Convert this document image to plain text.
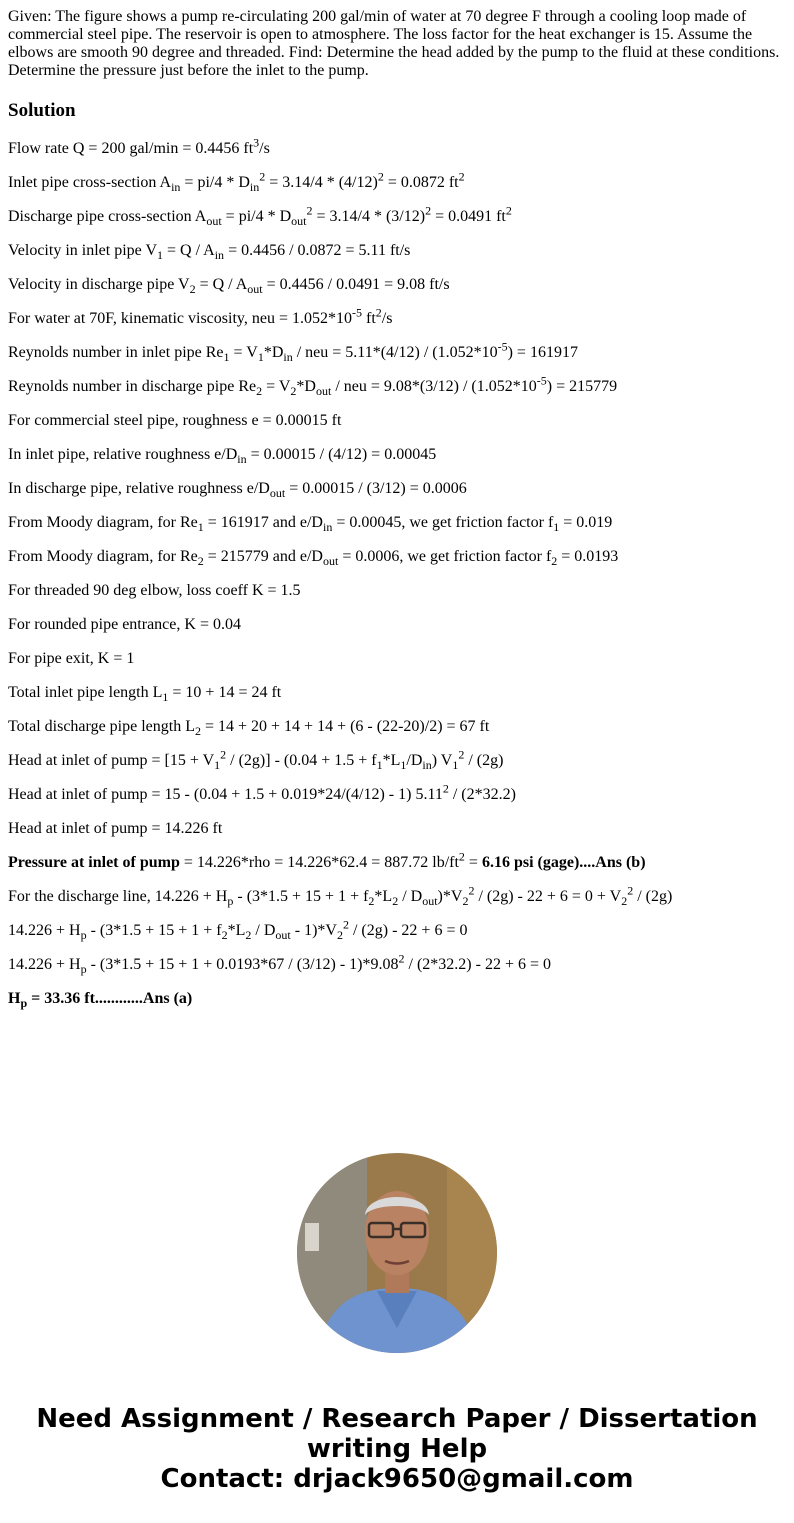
Given: The figure shows a pump re-circulating 200 gal/min of water at 70 degree F through a cooling loop made of commercial steel pipe. The reservoir is open to atmosphere. The loss factor for the heat exchanger is 15. Assume the elbows are smooth 90 degree and threaded. Find: Determine the head added by the pump to the fluid at these conditions. Determine the pressure just before the inlet to the pump.

Solution
Flow rate Q = 200 gal/min = 0.4456 $ft^3/s$
Inlet pipe cross-section $A_{in} = pi/4 * D_{in}^2 = 3.14/4 * (4/12)^2 = 0.0872$ $ft^2$
Discharge pipe cross-section $A_{out} = pi/4 * D_{out}^2 = 3.14/4 * (3/12)^2 = 0.0491$ $ft^2$
Velocity in inlet pipe $V_1 = Q / A_{in} = 0.4456 / 0.0872 = 5.11$ ft/s
Velocity in discharge pipe $V_2 = Q / A_{out} = 0.4456 / 0.0491 = 9.08$ ft/s
For water at 70F, kinematic viscosity, neu = $1.052*10^{-5}$ $ft^2/s$
Reynolds number in inlet pipe $Re_1 = V_1*D_{in}$ / neu = $5.11*(4/12) / (1.052*10^{-5}) = 161917$
Reynolds number in discharge pipe $Re_2 = V_2*D_{out}$ / neu = $9.08*(3/12) / (1.052*10^{-5}) = 215779$
For commercial steel pipe, roughness e = 0.00015 ft
In inlet pipe, relative roughness $e/D_{in} = 0.00015 / (4/12) = 0.00045$
In discharge pipe, relative roughness $e/D_{out} = 0.00015 / (3/12) = 0.0006$
From Moody diagram, for $Re_1 = 161917$ and $e/D_{in} = 0.00045$, we get friction factor $f_1 = 0.019$
From Moody diagram, for $Re_2 = 215779$ and $e/D_{out} = 0.0006$, we get friction factor $f_2 = 0.0193$
For threaded 90 deg elbow, loss coeff K = 1.5
For rounded pipe entrance, K = 0.04
For pipe exit, K = 1
Total inlet pipe length $L_1 = 10 + 14 = 24$ ft
Total discharge pipe length $L_2 = 14 + 20 + 14 + 14 + (6 - (22-20)/2) = 67$ ft
Head at inlet of pump = $[15 + V_1^2 / (2g)] - (0.04 + 1.5 + f_1*L_1/D_{in})$ $V_1^2 / (2g)$
Head at inlet of pump = 15 - (0.04 + 1.5 + 0.019*24/(4/12) - 1) 5.11$^2$ / (2*32.2)
Head at inlet of pump = 14.226 ft
Pressure at inlet of pump = 14.226*rho = 14.226*62.4 = 887.72 $lb/ft^2 = 6.16$ psi (gage)....Ans (b)
For the discharge line, $14.226 + H_p - (3*1.5 + 15 + 1 + f_2*L_2 / D_{out})*V_2^2 / (2g) - 22 + 6 = 0 + V_2^2 / (2g)$
$14.226 + H_p - (3*1.5 + 15 + 1 + f_2*L_2 / D_{out} - 1)*V_2^2 / (2g) - 22 + 6 = 0$
$14.226 + H_p - (3*1.5 + 15 + 1 + 0.0193*67 / (3/12) - 1)*9.08^2 / (2*32.2) - 22 + 6 = 0$
$H_p = 33.36$ ft............Ans (a)
Need Assignment / Research Paper / Dissertation
writing Help
Contact: drjack9650@gmail.com
